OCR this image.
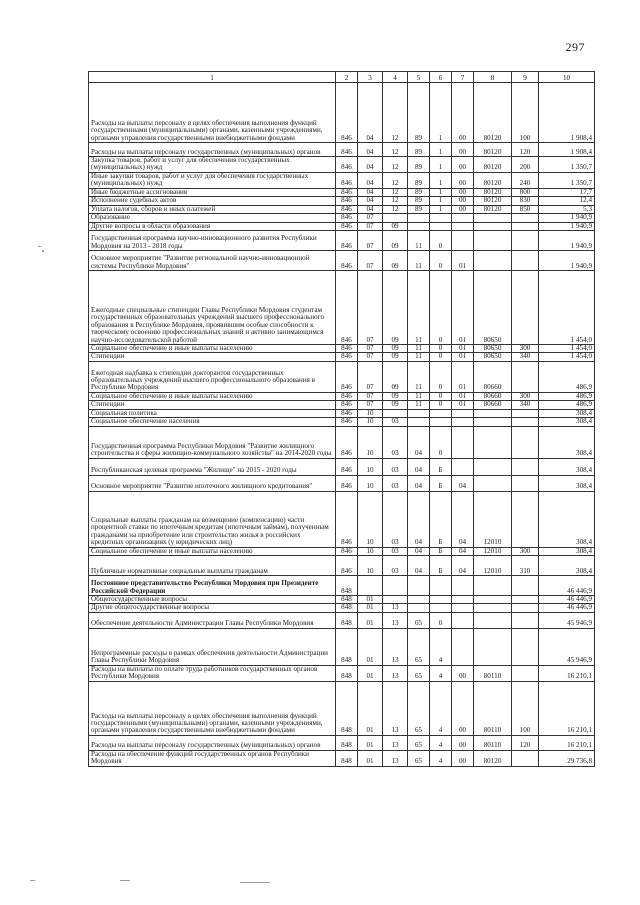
297
1	2	3	4	5	6	7	8	9	10
Расходы на выплаты персоналу в целях обеспечения выполнения функций государственными (муниципальными) органами, казенными учреждениями, органами управления государственными внебюджетными фондами	846	04	12	89	1	00	80120	100	1 908,4
Расходы на выплаты персоналу государственных (муниципальных) органов	846	04	12	89	1	00	80120	120	1 908,4
Закупка товаров, работ и услуг для обеспечения государственных (муниципальных) нужд	846	04	12	89	1	00	80120	200	1 350,7
Иные закупки товаров, работ и услуг для обеспечения государственных (муниципальных) нужд	846	04	12	89	1	00	80120	240	1 350,7
Иные бюджетные ассигнования	846	04	12	89	1	00	80120	800	17,7
Исполнение судебных актов	846	04	12	89	1	00	80120	830	12,4
Уплата налогов, сборов и иных платежей	846	04	12	89	1	00	80120	850	5,3
Образование	846	07							1 940,9
Другие вопросы в области образования	846	07	09						1 940,9
Государственная программа научно-инновационного развития Республики Мордовия на 2013 - 2018 годы	846	07	09	11	0				1 940,9
Основное мероприятие "Развитие региональной научно-инновационной системы Республики Мордовия"	846	07	09	11	0	01			1 940,9
Ежегодные специальные стипендии Главы Республики Мордовия студентам государственных образовательных учреждений высшего профессионального образования в Республике Мордовия, проявившим особые способности к творческому освоению профессиональных знаний и активно занимающимся научно-исследовательской работой	846	07	09	11	0	01	80650		1 454,0
Социальное обеспечение и иные выплаты населению	846	07	09	11	0	01	80650	300	1 454,0
Стипендии	846	07	09	11	0	01	80650	340	1 454,0
Ежегодная надбавка к стипендии докторантов государственных образовательных учреждений высшего профессионального образования в Республике Мордовия	846	07	09	11	0	01	80660		486,9
Социальное обеспечение и иные выплаты населению	846	07	09	11	0	01	80660	300	486,9
Стипендии	846	07	09	11	0	01	80660	340	486,9
Социальная политика	846	10							308,4
Социальное обеспечение населения	846	10	03						308,4
Государственная программа Республики Мордовия "Развитие жилищного строительства и сферы жилищно-коммунального хозяйства" на 2014-2020 годы	846	10	03	04	0				308,4
Республиканская целевая программа "Жилище" на 2015 - 2020 годы	846	10	03	04	Б				308,4
Основное мероприятие "Развитие ипотечного жилищного кредитования"	846	10	03	04	Б	04			308,4
Социальные выплаты гражданам на возмещение (компенсацию) части процентной ставки по ипотечным кредитам (ипотечным займам), полученным гражданами на приобретение или строительство жилья в российских кредитных организациях (у юридических лиц)	846	10	03	04	Б	04	12010		308,4
Социальное обеспечение и иные выплаты населению	846	10	03	04	Б	04	12010	300	308,4
Публичные нормативные социальные выплаты гражданам	846	10	03	04	Б	04	12010	310	308,4
Постоянное представительство Республики Мордовия при Президенте Российской Федерации	848								46 446,9
Общегосударственные вопросы	848	01							46 446,9
Другие общегосударственные вопросы	848	01	13						46 446,9
Обеспечение деятельности Администрации Главы Республики Мордовия	848	01	13	65	0				45 946,9
Непрограммные расходы в рамках обеспечения деятельности Администрации Главы Республики Мордовия	848	01	13	65	4				45 946,9
Расходы на выплаты по оплате труда работников государственных органов Республики Мордовия	848	01	13	65	4	00	80110		16 210,1
Расходы на выплаты персоналу в целях обеспечения выполнения функций государственными (муниципальными) органами, казенными учреждениями, органами управления государственными внебюджетными фондами	848	01	13	65	4	00	80110	100	16 210,1
Расходы на выплаты персоналу государственных (муниципальных) органов	848	01	13	65	4	00	80110	120	16 210,1
Расходы на обеспечение функций государственных органов Республики Мордовия	848	01	13	65	4	00	80120		29 736,8
